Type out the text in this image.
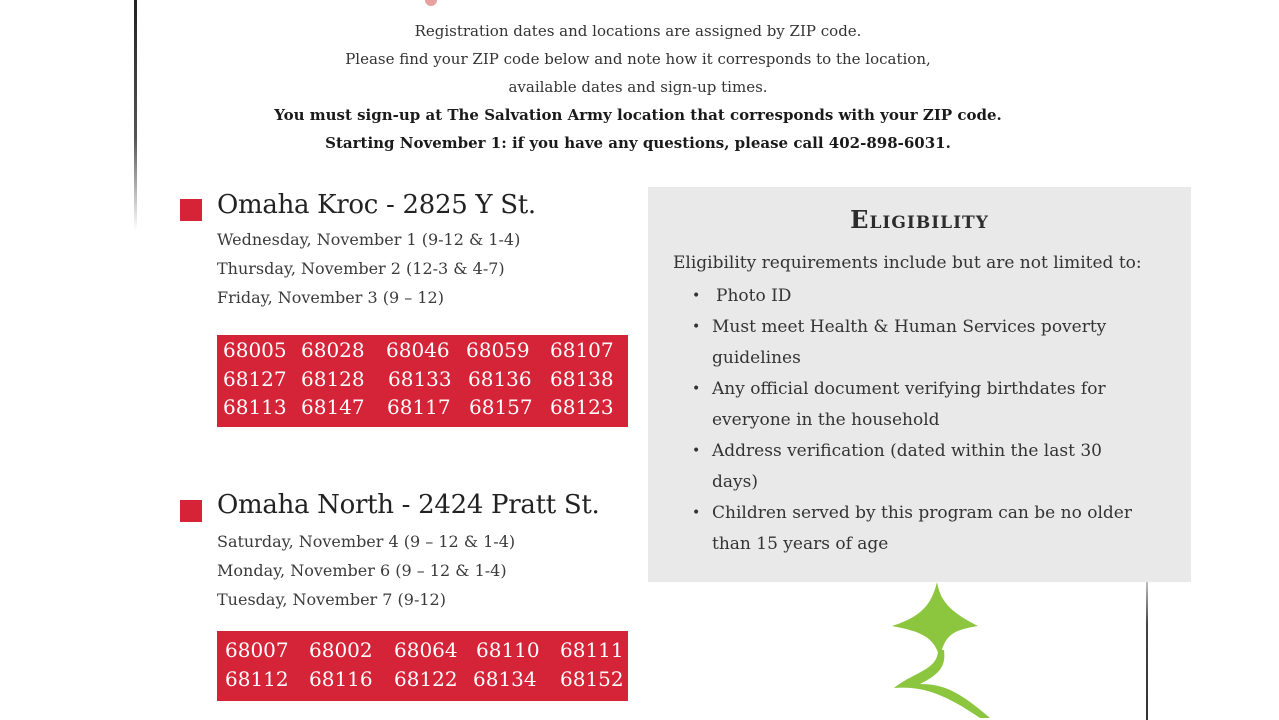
Registration dates and locations are assigned by ZIP code.
Please find your ZIP code below and note how it corresponds to the location,
available dates and sign-up times.
You must sign-up at The Salvation Army location that corresponds with your ZIP code.
Starting November 1: if you have any questions, please call 402-898-6031.
Omaha Kroc - 2825 Y St.
Wednesday, November 1 (9-12 & 1-4)
Thursday, November 2 (12-3 & 4-7)
Friday, November 3 (9 – 12)
68005 68028 68046 68059 68107
68127 68128 68133 68136 68138
68113 68147 68117 68157 68123
Omaha North - 2424 Pratt St.
Saturday, November 4 (9 – 12 & 1-4)
Monday, November 6 (9 – 12 & 1-4)
Tuesday, November 7 (9-12)
68007 68002 68064 68110 68111
68112 68116 68122 68134 68152
Eligibility
Eligibility requirements include but are not limited to:
• Photo ID
• Must meet Health & Human Services poverty guidelines
• Any official document verifying birthdates for everyone in the household
• Address verification (dated within the last 30 days)
• Children served by this program can be no older than 15 years of age
